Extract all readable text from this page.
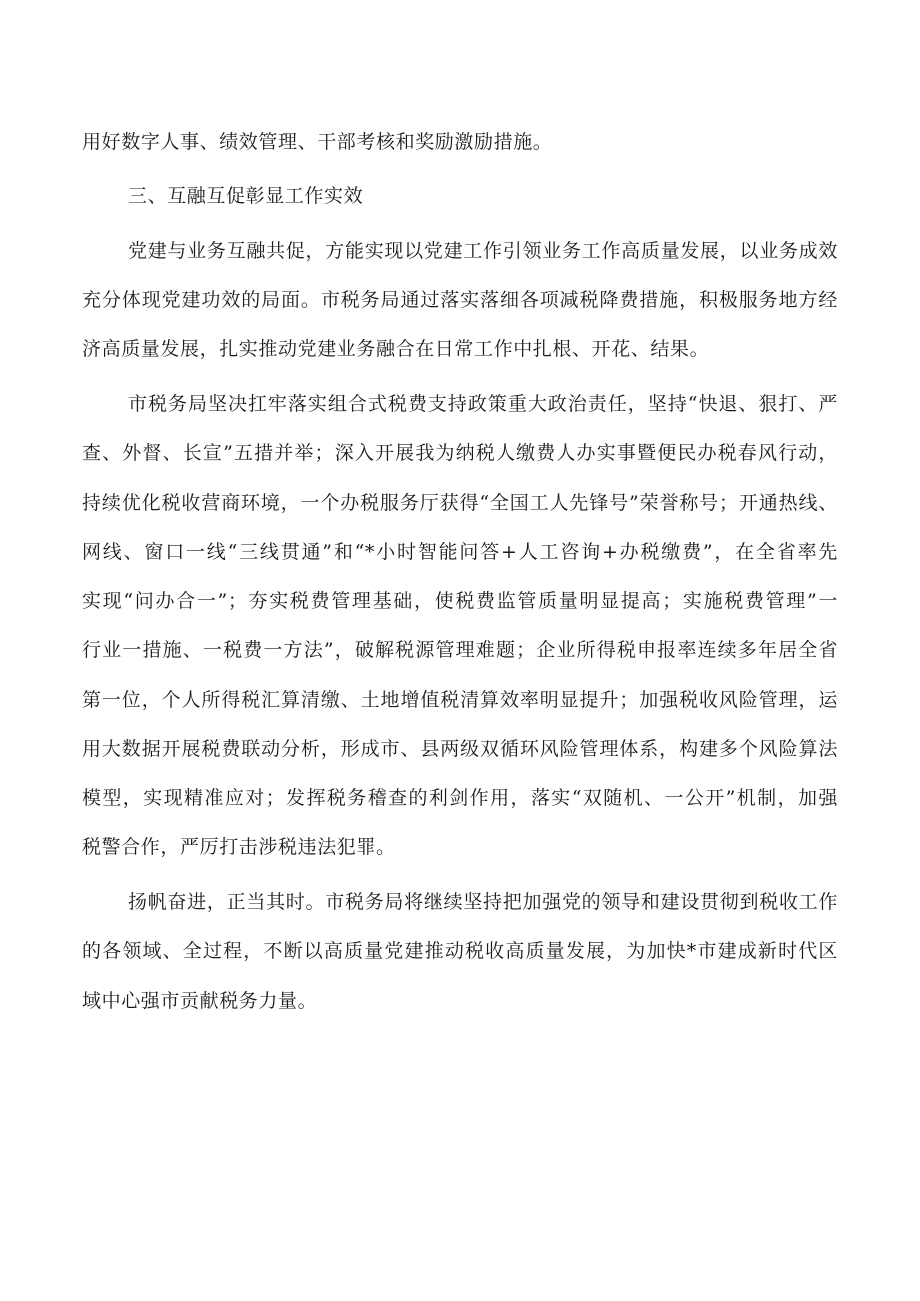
用好数字人事、绩效管理、干部考核和奖励激励措施。
三、互融互促彰显工作实效
党建与业务互融共促，方能实现以党建工作引领业务工作高质量发展，以业务成效
充分体现党建功效的局面。市税务局通过落实落细各项减税降费措施，积极服务地方经
济高质量发展，扎实推动党建业务融合在日常工作中扎根、开花、结果。
市税务局坚决扛牢落实组合式税费支持政策重大政治责任，坚持“快退、狠打、严
查、外督、长宣”五措并举；深入开展我为纳税人缴费人办实事暨便民办税春风行动，
持续优化税收营商环境，一个办税服务厅获得“全国工人先锋号”荣誉称号；开通热线、
网线、窗口一线“三线贯通”和“*小时智能问答+人工咨询+办税缴费”，在全省率先
实现“问办合一”；夯实税费管理基础，使税费监管质量明显提高；实施税费管理”一
行业一措施、一税费一方法”，破解税源管理难题；企业所得税申报率连续多年居全省
第一位，个人所得税汇算清缴、土地增值税清算效率明显提升；加强税收风险管理，运
用大数据开展税费联动分析，形成市、县两级双循环风险管理体系，构建多个风险算法
模型，实现精准应对；发挥税务稽查的利剑作用，落实“双随机、一公开”机制，加强
税警合作，严厉打击涉税违法犯罪。
扬帆奋进，正当其时。市税务局将继续坚持把加强党的领导和建设贯彻到税收工作
的各领域、全过程，不断以高质量党建推动税收高质量发展，为加快*市建成新时代区
域中心强市贡献税务力量。
